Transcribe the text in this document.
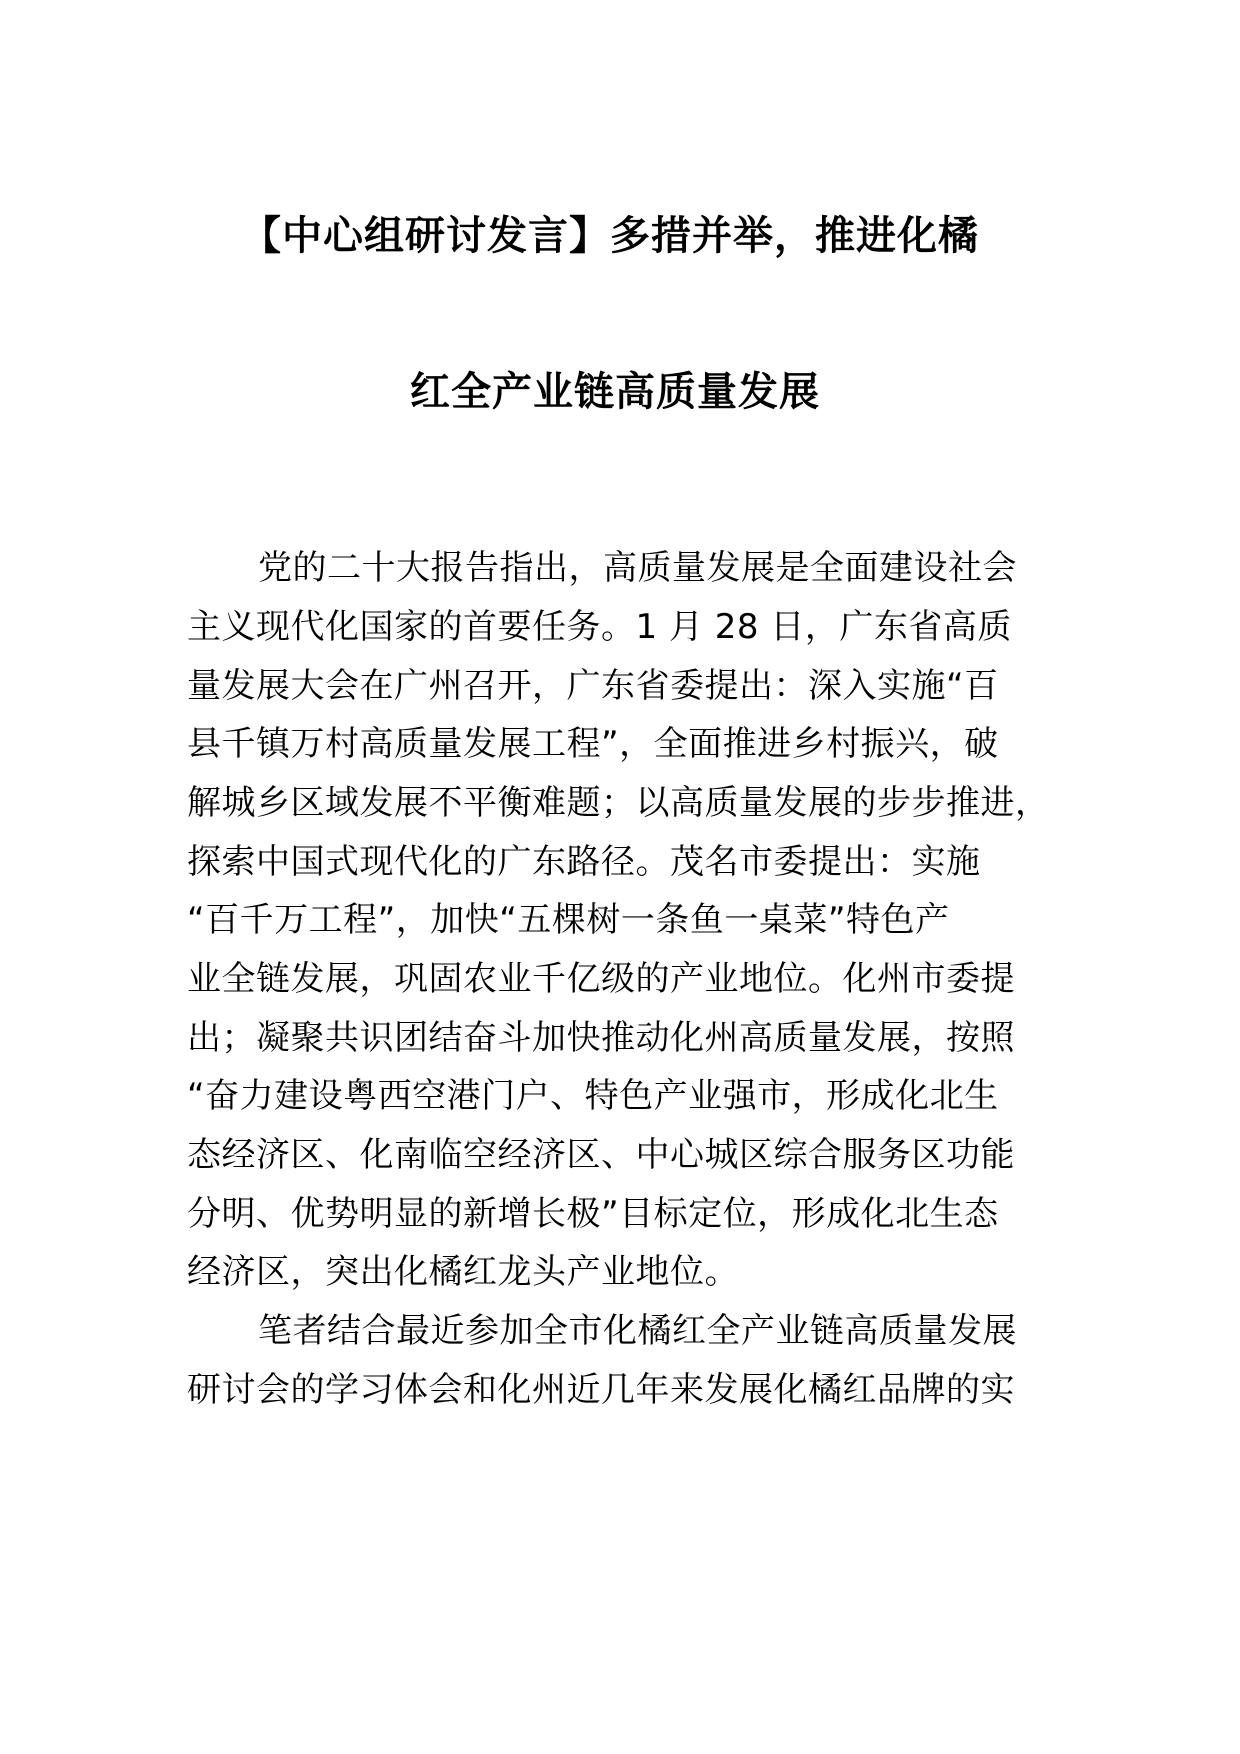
【中心组研讨发言】多措并举，推进化橘
红全产业链高质量发展
党的二十大报告指出，高质量发展是全面建设社会
主义现代化国家的首要任务。1 月 28 日，广东省高质
量发展大会在广州召开，广东省委提出：深入实施“百
县千镇万村高质量发展工程”，全面推进乡村振兴，破
解城乡区域发展不平衡难题；以高质量发展的步步推进，
探索中国式现代化的广东路径。茂名市委提出：实施
“百千万工程”，加快“五棵树一条鱼一桌菜”特色产
业全链发展，巩固农业千亿级的产业地位。化州市委提
出；凝聚共识团结奋斗加快推动化州高质量发展，按照
“奋力建设粤西空港门户、特色产业强市，形成化北生
态经济区、化南临空经济区、中心城区综合服务区功能
分明、优势明显的新增长极”目标定位，形成化北生态
经济区，突出化橘红龙头产业地位。
笔者结合最近参加全市化橘红全产业链高质量发展
研讨会的学习体会和化州近几年来发展化橘红品牌的实
